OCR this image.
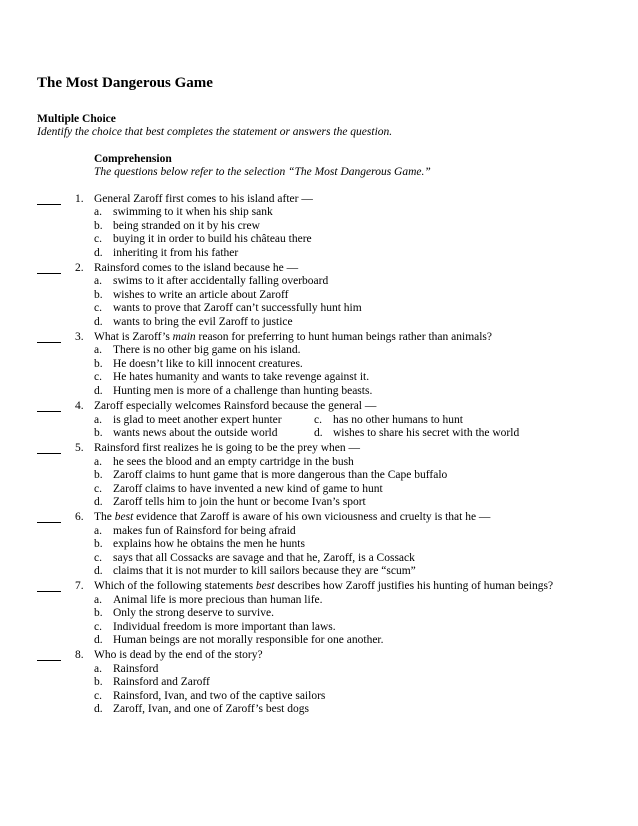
The Most Dangerous Game
Multiple Choice
Identify the choice that best completes the statement or answers the question.
Comprehension
The questions below refer to the selection “The Most Dangerous Game.”
1. General Zaroff first comes to his island after —
a. swimming to it when his ship sank
b. being stranded on it by his crew
c. buying it in order to build his château there
d. inheriting it from his father
2. Rainsford comes to the island because he —
a. swims to it after accidentally falling overboard
b. wishes to write an article about Zaroff
c. wants to prove that Zaroff can’t successfully hunt him
d. wants to bring the evil Zaroff to justice
3. What is Zaroff’s main reason for preferring to hunt human beings rather than animals?
a. There is no other big game on his island.
b. He doesn’t like to kill innocent creatures.
c. He hates humanity and wants to take revenge against it.
d. Hunting men is more of a challenge than hunting beasts.
4. Zaroff especially welcomes Rainsford because the general —
a. is glad to meet another expert hunter	c. has no other humans to hunt
b. wants news about the outside world	d. wishes to share his secret with the world
5. Rainsford first realizes he is going to be the prey when —
a. he sees the blood and an empty cartridge in the bush
b. Zaroff claims to hunt game that is more dangerous than the Cape buffalo
c. Zaroff claims to have invented a new kind of game to hunt
d. Zaroff tells him to join the hunt or become Ivan’s sport
6. The best evidence that Zaroff is aware of his own viciousness and cruelty is that he —
a. makes fun of Rainsford for being afraid
b. explains how he obtains the men he hunts
c. says that all Cossacks are savage and that he, Zaroff, is a Cossack
d. claims that it is not murder to kill sailors because they are “scum”
7. Which of the following statements best describes how Zaroff justifies his hunting of human beings?
a. Animal life is more precious than human life.
b. Only the strong deserve to survive.
c. Individual freedom is more important than laws.
d. Human beings are not morally responsible for one another.
8. Who is dead by the end of the story?
a. Rainsford
b. Rainsford and Zaroff
c. Rainsford, Ivan, and two of the captive sailors
d. Zaroff, Ivan, and one of Zaroff’s best dogs
